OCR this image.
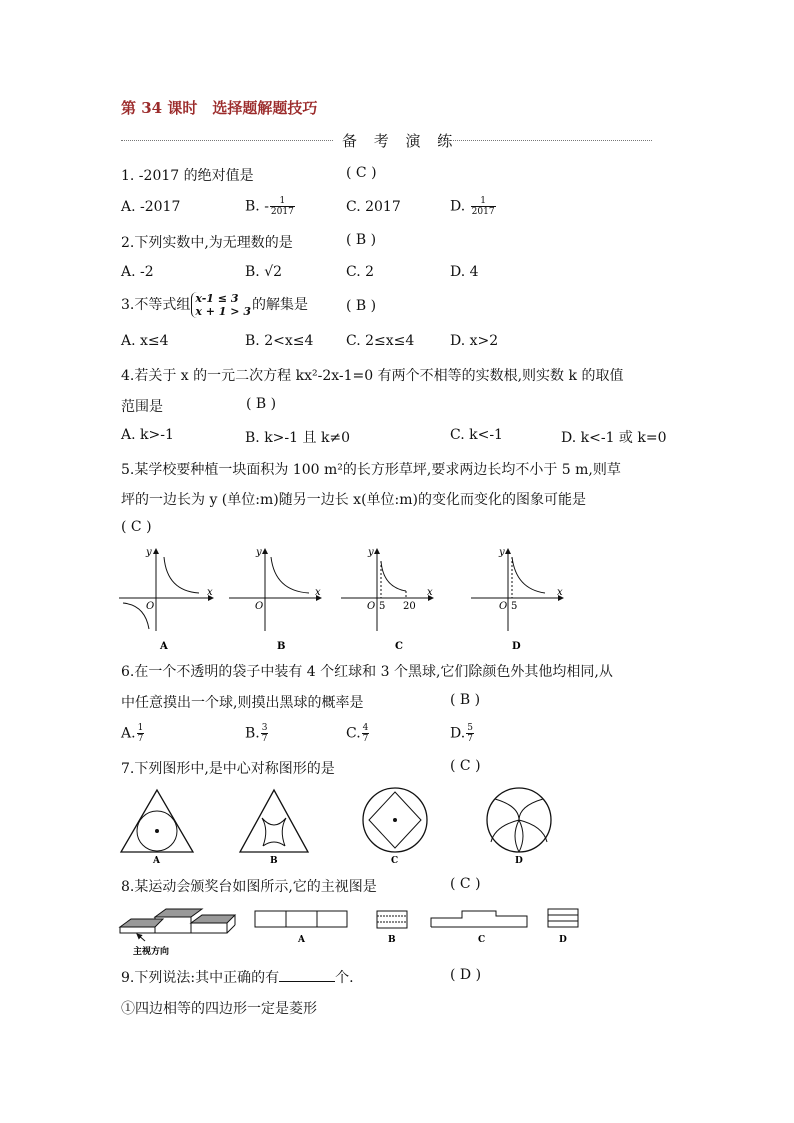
第 34 课时　选择题解题技巧
备 考 演 练
1. -2017 的绝对值是	( C )
A. -2017	B. - $\frac{1}{2017}$	C. 2017	D. $\frac{1}{2017}$
2.下列实数中,为无理数的是	( B )
A. -2	B. √2	C. 2	D. 4
3.不等式组 x-1 ≤ 3
x + 1 > 3 的解集是	( B )
A. x≤4	B. 2<x≤4 C. 2≤x≤4	D. x>2
4.若关于 x 的一元二次方程 kx²-2x-1=0 有两个不相等的实数根,则实数 k 的取值
范围是	( B )
A. k>-1	B. k>-1 且 k≠0	C. k<-1	D. k<-1 或 k=0
5.某学校要种植一块面积为 100 m²的长方形草坪,要求两边长均不小于 5 m,则草
坪的一边长为 y (单位:m)随另一边长 x(单位:m)的变化而变化的图象可能是
( C )
y
x
O
A
y
x
O
B
y
x
O 5 20
C
y
x
O 5
D
6.在一个不透明的袋子中装有 4 个红球和 3 个黑球,它们除颜色外其他均相同,从
中任意摸出一个球,则摸出黑球的概率是	( B )
A. $\frac{1}{7}$	B. $\frac{3}{7}$	C. $\frac{4}{7}$	D. $\frac{5}{7}$
7.下列图形中,是中心对称图形的是	( C )
A	B	C	D
8.某运动会颁奖台如图所示,它的主视图是	( C )
主视方向
A	B	C	D
9.下列说法:其中正确的有	个.	( D )
①四边相等的四边形一定是菱形
